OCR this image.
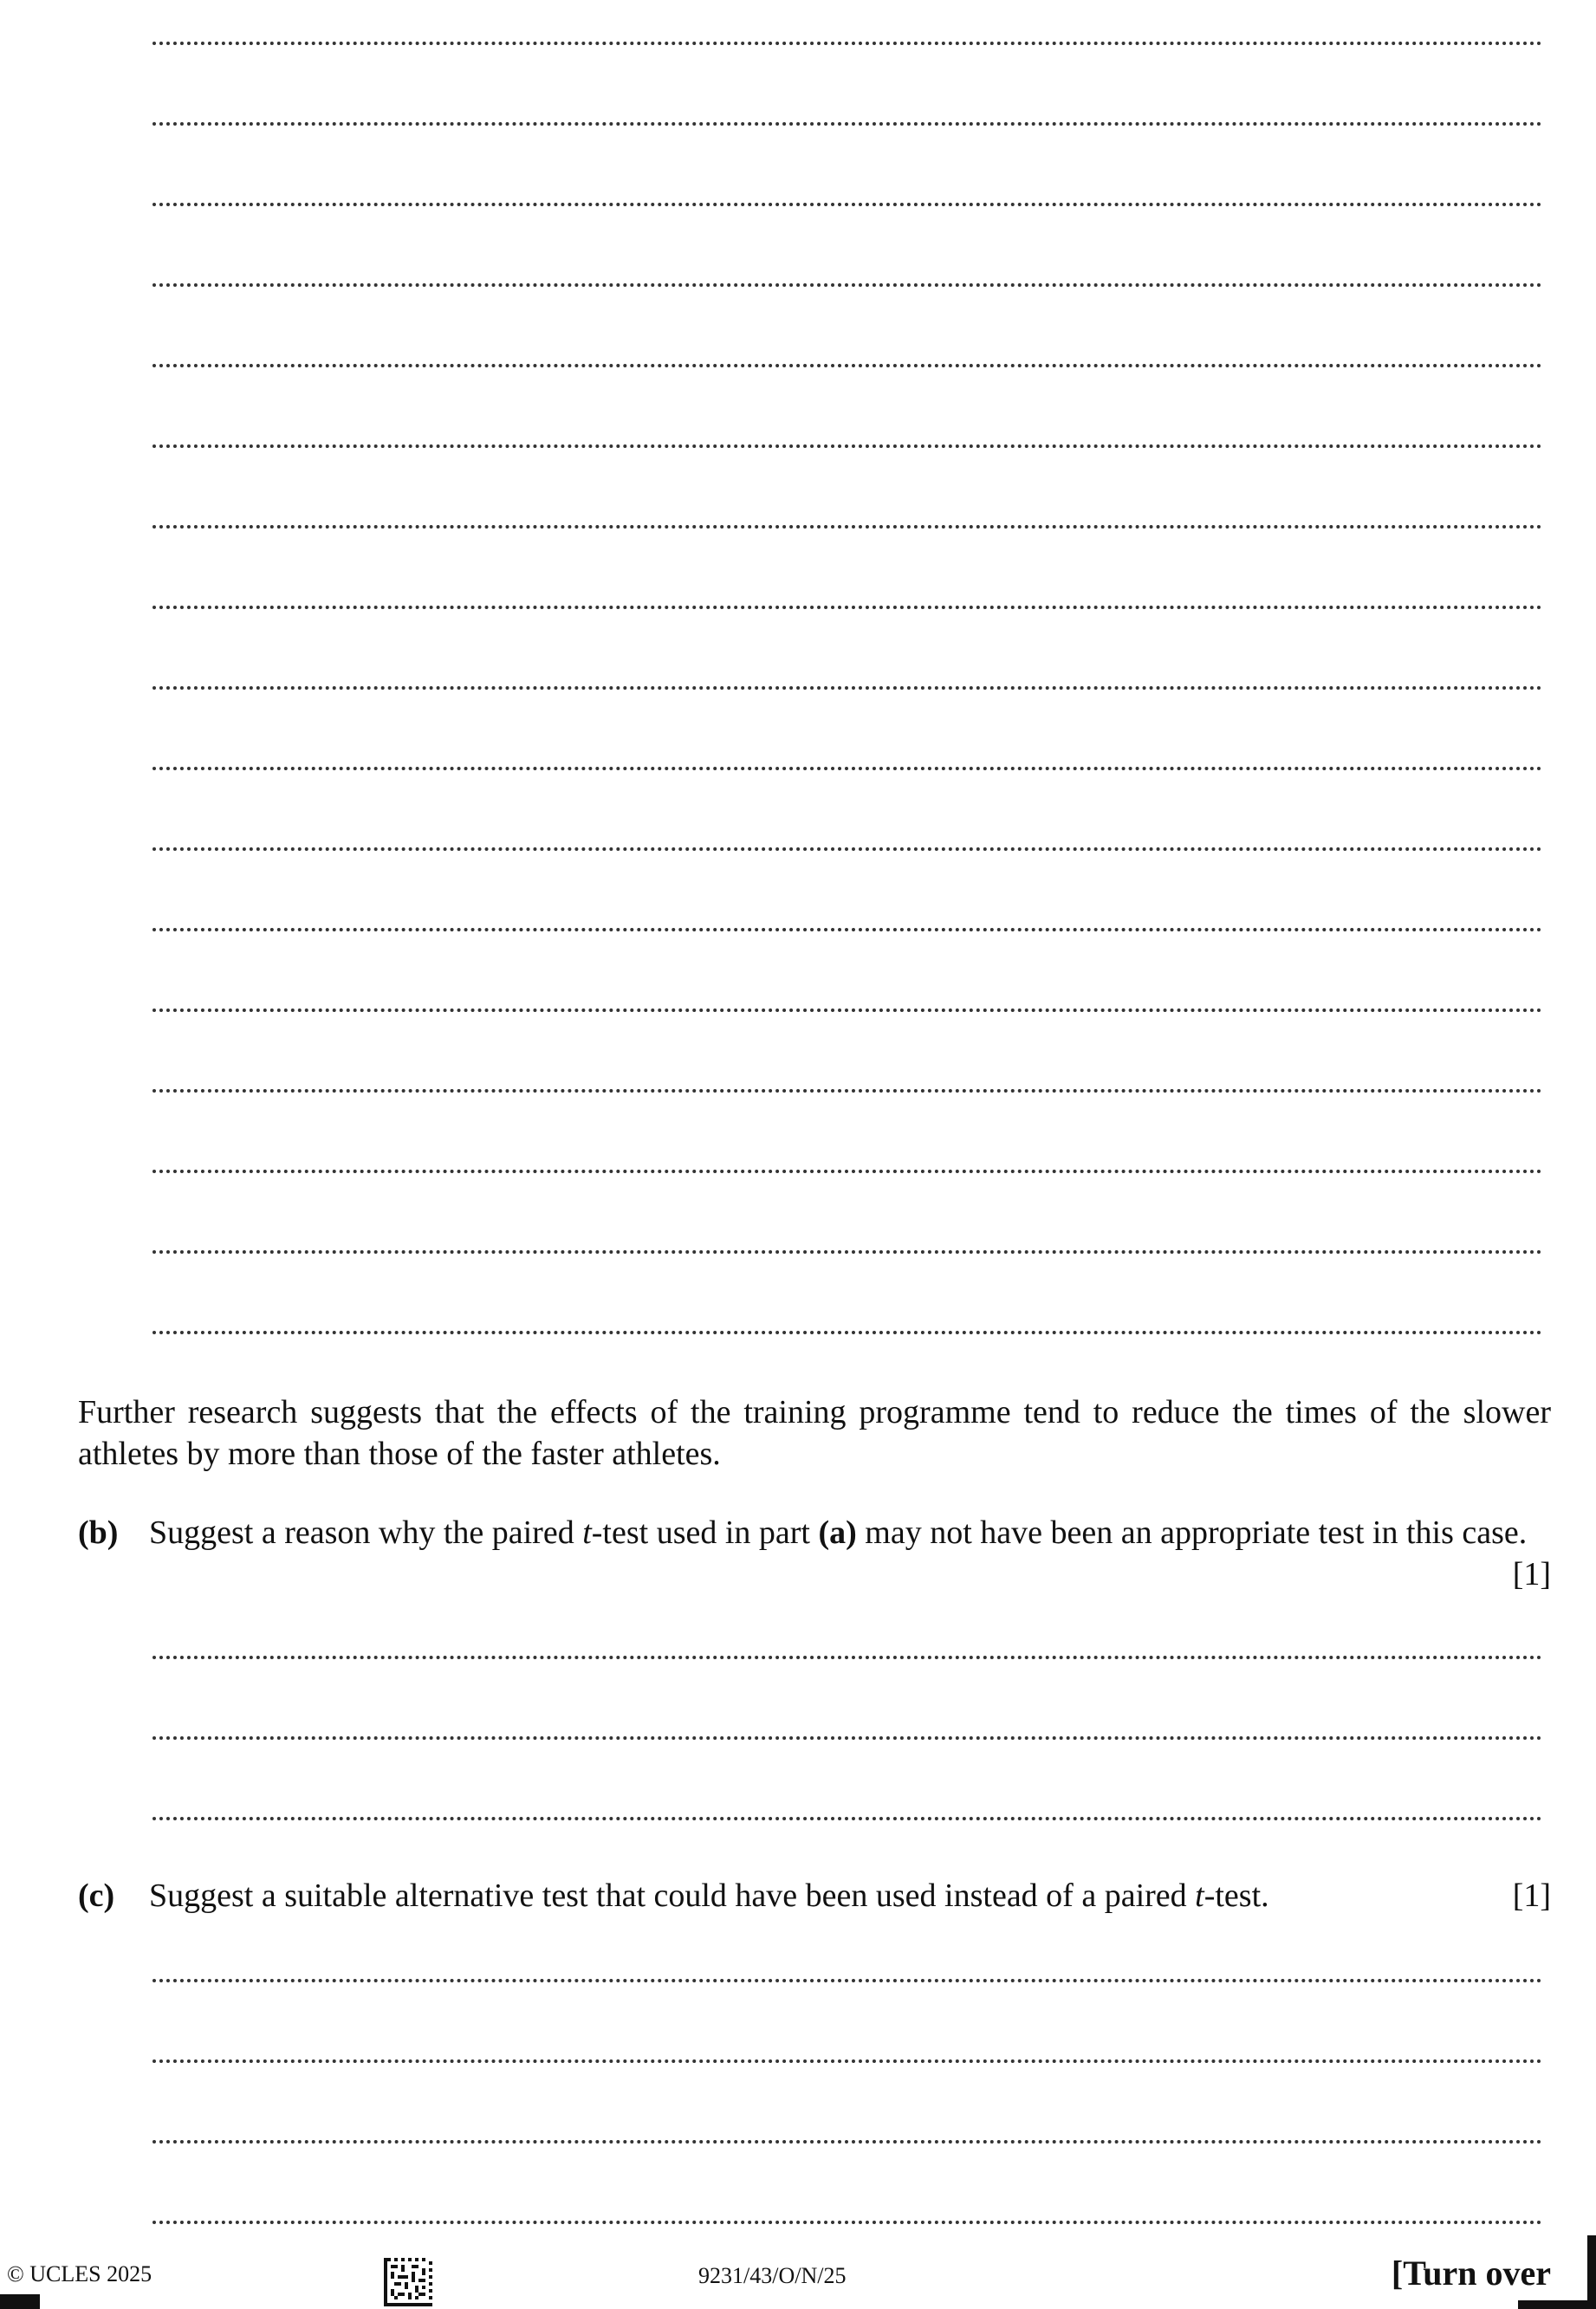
Further research suggests that the effects of the training programme tend to reduce the times of the slower athletes by more than those of the faster athletes.
(b) Suggest a reason why the paired t-test used in part (a) may not have been an appropriate test in this case.
[1]
(c) Suggest a suitable alternative test that could have been used instead of a paired t-test.	[1]
© UCLES 2025	9231/43/O/N/25	[Turn over
